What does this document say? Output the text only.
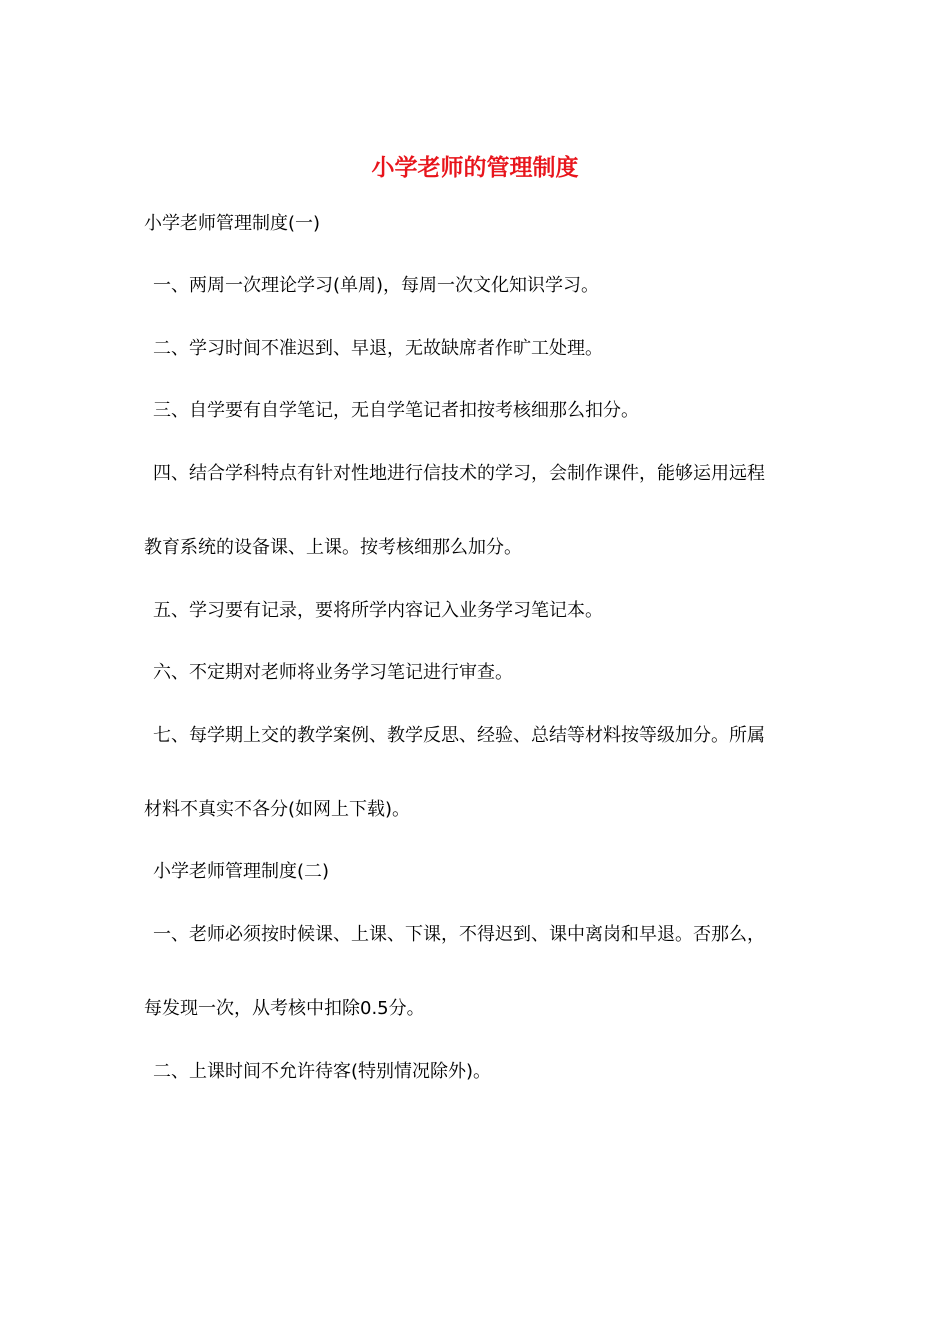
小学老师的管理制度
小学老师管理制度(一)
一、两周一次理论学习(单周)，每周一次文化知识学习。
二、学习时间不准迟到、早退，无故缺席者作旷工处理。
三、自学要有自学笔记，无自学笔记者扣按考核细那么扣分。
四、结合学科特点有针对性地进行信技术的学习，会制作课件，能够运用远程
教育系统的设备课、上课。按考核细那么加分。
五、学习要有记录，要将所学内容记入业务学习笔记本。
六、不定期对老师将业务学习笔记进行审查。
七、每学期上交的教学案例、教学反思、经验、总结等材料按等级加分。所属
材料不真实不各分(如网上下载)。
小学老师管理制度(二)
一、老师必须按时候课、上课、下课，不得迟到、课中离岗和早退。否那么，
每发现一次，从考核中扣除0.5分。
二、上课时间不允许待客(特别情况除外)。
